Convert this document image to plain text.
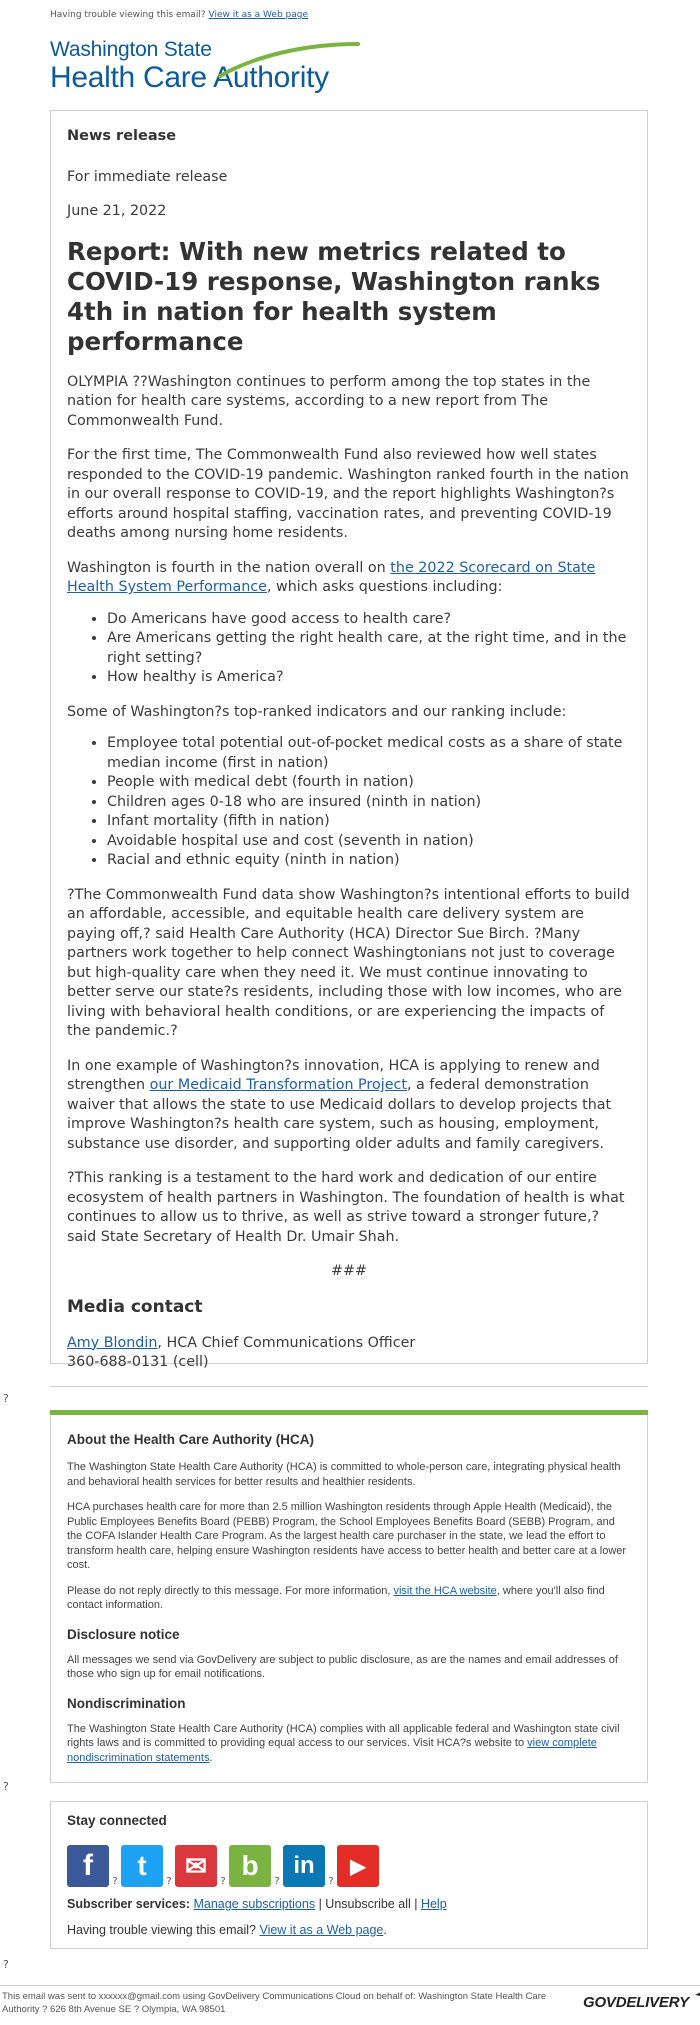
Having trouble viewing this email? View it as a Web page
Washington State
Health Care Authority

News release

For immediate release

June 21, 2022

Report: With new metrics related to COVID-19 response, Washington ranks 4th in nation for health system performance

OLYMPIA ??Washington continues to perform among the top states in the nation for health care systems, according to a new report from The Commonwealth Fund.

For the first time, The Commonwealth Fund also reviewed how well states responded to the COVID-19 pandemic. Washington ranked fourth in the nation in our overall response to COVID-19, and the report highlights Washington?s efforts around hospital staffing, vaccination rates, and preventing COVID-19 deaths among nursing home residents.

Washington is fourth in the nation overall on the 2022 Scorecard on State Health System Performance, which asks questions including:

• Do Americans have good access to health care?
• Are Americans getting the right health care, at the right time, and in the right setting?
• How healthy is America?

Some of Washington?s top-ranked indicators and our ranking include:

• Employee total potential out-of-pocket medical costs as a share of state median income (first in nation)
• People with medical debt (fourth in nation)
• Children ages 0-18 who are insured (ninth in nation)
• Infant mortality (fifth in nation)
• Avoidable hospital use and cost (seventh in nation)
• Racial and ethnic equity (ninth in nation)

?The Commonwealth Fund data show Washington?s intentional efforts to build an affordable, accessible, and equitable health care delivery system are paying off,? said Health Care Authority (HCA) Director Sue Birch. ?Many partners work together to help connect Washingtonians not just to coverage but high-quality care when they need it. We must continue innovating to better serve our state?s residents, including those with low incomes, who are living with behavioral health conditions, or are experiencing the impacts of the pandemic.?

In one example of Washington?s innovation, HCA is applying to renew and strengthen our Medicaid Transformation Project, a federal demonstration waiver that allows the state to use Medicaid dollars to develop projects that improve Washington?s health care system, such as housing, employment, substance use disorder, and supporting older adults and family caregivers.

?This ranking is a testament to the hard work and dedication of our entire ecosystem of health partners in Washington. The foundation of health is what continues to allow us to thrive, as well as strive toward a stronger future,? said State Secretary of Health Dr. Umair Shah.

###

Media contact

Amy Blondin, HCA Chief Communications Officer
360-688-0131 (cell)

?
About the Health Care Authority (HCA)

The Washington State Health Care Authority (HCA) is committed to whole-person care, integrating physical health and behavioral health services for better results and healthier residents.

HCA purchases health care for more than 2.5 million Washington residents through Apple Health (Medicaid), the Public Employees Benefits Board (PEBB) Program, the School Employees Benefits Board (SEBB) Program, and the COFA Islander Health Care Program. As the largest health care purchaser in the state, we lead the effort to transform health care, helping ensure Washington residents have access to better health and better care at a lower cost.

Please do not reply directly to this message. For more information, visit the HCA website, where you'll also find contact information.

Disclosure notice

All messages we send via GovDelivery are subject to public disclosure, as are the names and email addresses of those who sign up for email notifications.

Nondiscrimination

The Washington State Health Care Authority (HCA) complies with all applicable federal and Washington state civil rights laws and is committed to providing equal access to our services. Visit HCA?s website to view complete nondiscrimination statements.

?
Stay connected
f	?
t
?
✉
?
b
?
in
?
▶
Subscriber services: Manage subscriptions | Unsubscribe all | Help
Having trouble viewing this email? View it as a Web page.
?
This email was sent to xxxxxx@gmail.com using GovDelivery Communications Cloud on behalf of: Washington State Health Care Authority ? 626 8th Avenue SE ? Olympia, WA 98501	GOVDELIVERY
